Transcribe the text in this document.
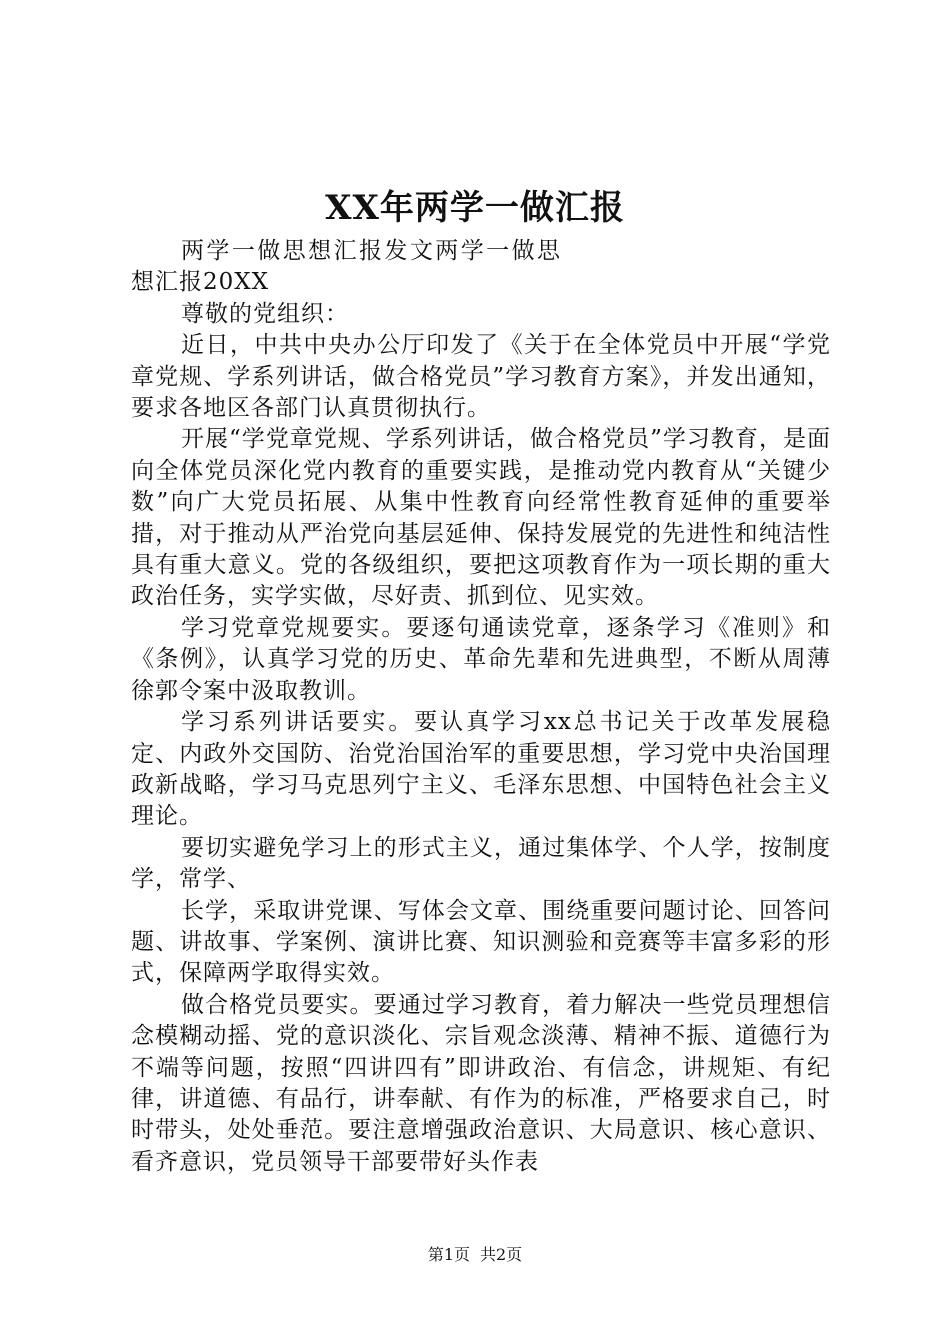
XX年两学一做汇报

两学一做思想汇报发文两学一做思想汇报20XX

尊敬的党组织：

近日，中共中央办公厅印发了《关于在全体党员中开展“学党章党规、学系列讲话，做合格党员”学习教育方案》，并发出通知，要求各地区各部门认真贯彻执行。

开展“学党章党规、学系列讲话，做合格党员”学习教育，是面向全体党员深化党内教育的重要实践，是推动党内教育从“关键少数”向广大党员拓展、从集中性教育向经常性教育延伸的重要举措，对于推动从严治党向基层延伸、保持发展党的先进性和纯洁性具有重大意义。党的各级组织，要把这项教育作为一项长期的重大政治任务，实学实做，尽好责、抓到位、见实效。

学习党章党规要实。要逐句通读党章，逐条学习《准则》和《条例》，认真学习党的历史、革命先辈和先进典型，不断从周薄徐郭令案中汲取教训。

学习系列讲话要实。要认真学习xx总书记关于改革发展稳定、内政外交国防、治党治国治军的重要思想，学习党中央治国理政新战略，学习马克思列宁主义、毛泽东思想、中国特色社会主义理论。

要切实避免学习上的形式主义，通过集体学、个人学，按制度学，常学、

长学，采取讲党课、写体会文章、围绕重要问题讨论、回答问题、讲故事、学案例、演讲比赛、知识测验和竞赛等丰富多彩的形式，保障两学取得实效。

做合格党员要实。要通过学习教育，着力解决一些党员理想信念模糊动摇、党的意识淡化、宗旨观念淡薄、精神不振、道德行为不端等问题，按照“四讲四有”即讲政治、有信念，讲规矩、有纪律，讲道德、有品行，讲奉献、有作为的标准，严格要求自己，时时带头，处处垂范。要注意增强政治意识、大局意识、核心意识、看齐意识，党员领导干部要带好头作表

第1页 共2页
